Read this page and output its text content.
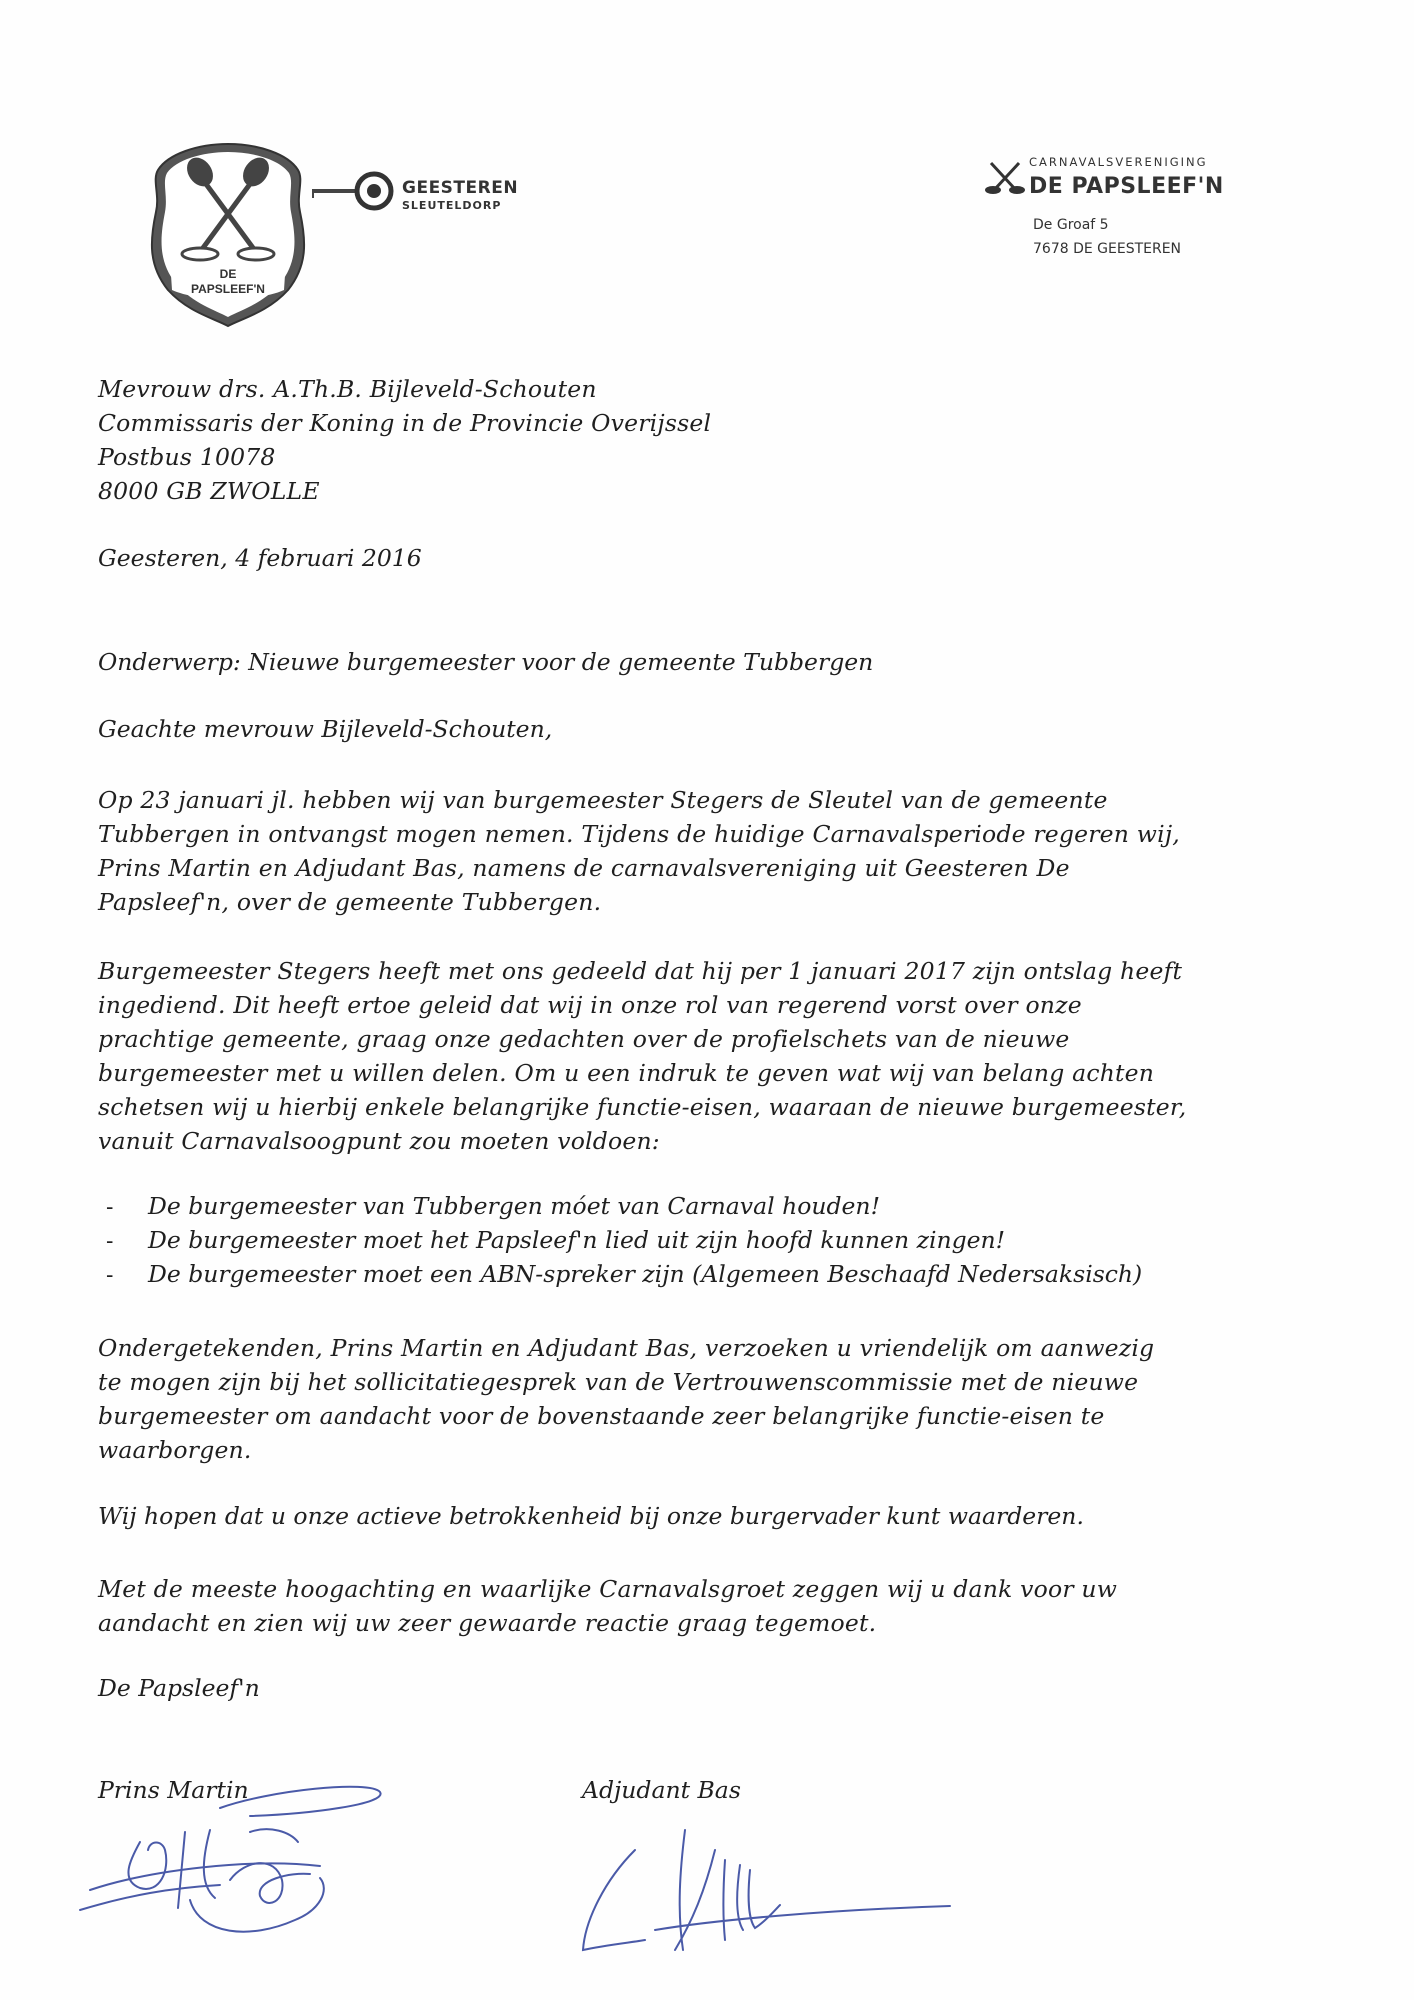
DE
PAPSLEEF'N
GEESTEREN
SLEUTELDORP
CARNAVALSVERENIGING
DE PAPSLEEF'N
De Groaf 5
7678 DE GEESTEREN
Mevrouw drs. A.Th.B. Bijleveld-Schouten
Commissaris der Koning in de Provincie Overijssel
Postbus 10078
8000 GB ZWOLLE
Geesteren, 4 februari 2016
Onderwerp: Nieuwe burgemeester voor de gemeente Tubbergen
Geachte mevrouw Bijleveld-Schouten,
Op 23 januari jl. hebben wij van burgemeester Stegers de Sleutel van de gemeente
Tubbergen in ontvangst mogen nemen. Tijdens de huidige Carnavalsperiode regeren wij,
Prins Martin en Adjudant Bas, namens de carnavalsvereniging uit Geesteren De
Papsleef'n, over de gemeente Tubbergen.
Burgemeester Stegers heeft met ons gedeeld dat hij per 1 januari 2017 zijn ontslag heeft
ingediend. Dit heeft ertoe geleid dat wij in onze rol van regerend vorst over onze
prachtige gemeente, graag onze gedachten over de profielschets van de nieuwe
burgemeester met u willen delen. Om u een indruk te geven wat wij van belang achten
schetsen wij u hierbij enkele belangrijke functie-eisen, waaraan de nieuwe burgemeester,
vanuit Carnavalsoogpunt zou moeten voldoen:
- De burgemeester van Tubbergen móet van Carnaval houden!
- De burgemeester moet het Papsleef'n lied uit zijn hoofd kunnen zingen!
- De burgemeester moet een ABN-spreker zijn (Algemeen Beschaafd Nedersaksisch)
Ondergetekenden, Prins Martin en Adjudant Bas, verzoeken u vriendelijk om aanwezig
te mogen zijn bij het sollicitatiegesprek van de Vertrouwenscommissie met de nieuwe
burgemeester om aandacht voor de bovenstaande zeer belangrijke functie-eisen te
waarborgen.
Wij hopen dat u onze actieve betrokkenheid bij onze burgervader kunt waarderen.
Met de meeste hoogachting en waarlijke Carnavalsgroet zeggen wij u dank voor uw
aandacht en zien wij uw zeer gewaarde reactie graag tegemoet.
De Papsleef'n
Prins Martin	Adjudant Bas
